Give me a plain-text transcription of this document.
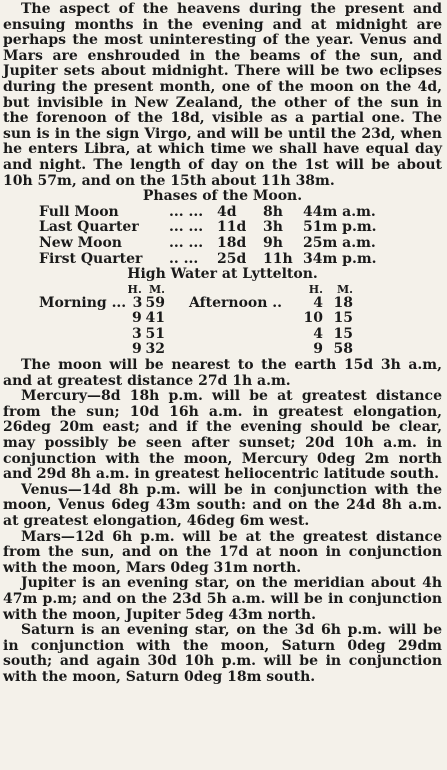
The aspect of the heavens during the present and ensuing months in the evening and at midnight are perhaps the most uninteresting of the year. Venus and Mars are enshrouded in the beams of the sun, and Jupiter sets about midnight. There will be two eclipses during the present month, one of the moon on the 4d, but invisible in New Zealand, the other of the sun in the forenoon of the 18d, visible as a partial one. The sun is in the sign Virgo, and will be until the 23d, when he enters Libra, at which time we shall have equal day and night. The length of day on the 1st will be about 10h 57m, and on the 15th about 11h 38m.

Phases of the Moon.

Full Moon	... ... 4d	8h	44m a.m.
Last Quarter	... ... 11d	3h	51m p.m.
New Moon	... ... 18d	9h	25m a.m.
First Quarter	.. ...	25d	11h 34m p.m.

High Water at Lyttelton.

H. M.	H.	M.
Morning ... 3 59	Afternoon ..	4 18
9 41	10 15
3 51	4 15
9 32	9 58

The moon will be nearest to the earth 15d 3h a.m, and at greatest distance 27d 1h a.m.

Mercury—8d 18h p.m. will be at greatest distance from the sun; 10d 16h a.m. in greatest elongation, 26deg 20m east; and if the evening should be clear, may possibly be seen after sunset; 20d 10h a.m. in conjunction with the moon, Mercury 0deg 2m north and 29d 8h a.m. in greatest heliocentric latitude south.

Venus—14d 8h p.m. will be in conjunction with the moon, Venus 6deg 43m south: and on the 24d 8h a.m. at greatest elongation, 46deg 6m west.

Mars—12d 6h p.m. will be at the greatest distance from the sun, and on the 17d at noon in conjunction with the moon, Mars 0deg 31m north.

Jupiter is an evening star, on the meridian about 4h 47m p.m; and on the 23d 5h a.m. will be in conjunction with the moon, Jupiter 5deg 43m north.

Saturn is an evening star, on the 3d 6h p.m. will be in conjunction with the moon, Saturn 0deg 29dm south; and again 30d 10h p.m. will be in conjunction with the moon, Saturn 0deg 18m south.
